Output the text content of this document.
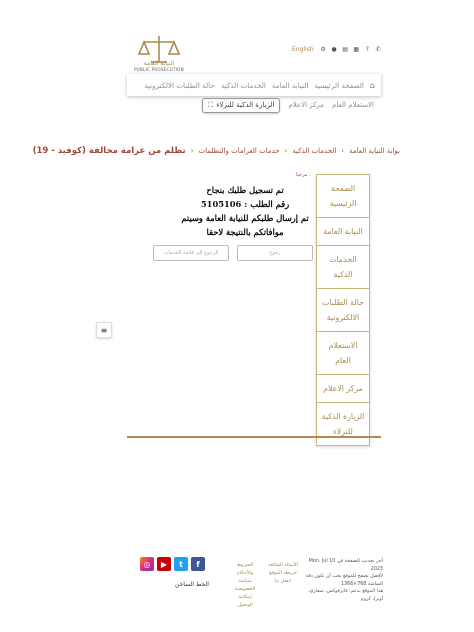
النيابة العامة
PUBLIC PROSECUTION
English ⚙ ● ▤ ▦	?	✆
⌂
الصفحة الرئيسية
النيابة العامة
الخدمات الذكية
حالة الطلبات الالكترونية
الاستعلام العام
مركز الاعلام
⛶ الزيارة الذكية للنزلاء
بوابة النيابة العامة
›
الخدمات الذكية
›
خدمات الغرامات والتظلمات
›
تظلم من غرامة مخالفة (كوفيد - 19)
مرحبا :
الصفحة الرئيسية
النيابة العامة
الخدمات الذكية
حالة الطلبات الالكترونية
الاستعلام العام
مركز الاعلام
الزيارة الذكية للنزلاء
تم تسجيل طلبك بنجاح
رقم الطلب : 5105106
تم إرسال طلبكم للنيابة العامة وسيتم موافاتكم بالنتيجة لاحقا
الرجوع إلى قائمة الخدمات	رجوع
≡
آخر تحديث للصفحة في 10 Mon. Jul 2023
لأفضل تصفح للموقع يجب أن تكون دقة الشاشة 768×1366
هذا الموقع يدعم: فايرفوكس، سفاري، أوبرا، كروم
الأسئلة الشائعة
خريطة الموقع
اتصل بنا
الشروط والأحكام
سياسة الخصوصية
إمكانية الوصول
◎	▶	t	f
الخط الساخن
